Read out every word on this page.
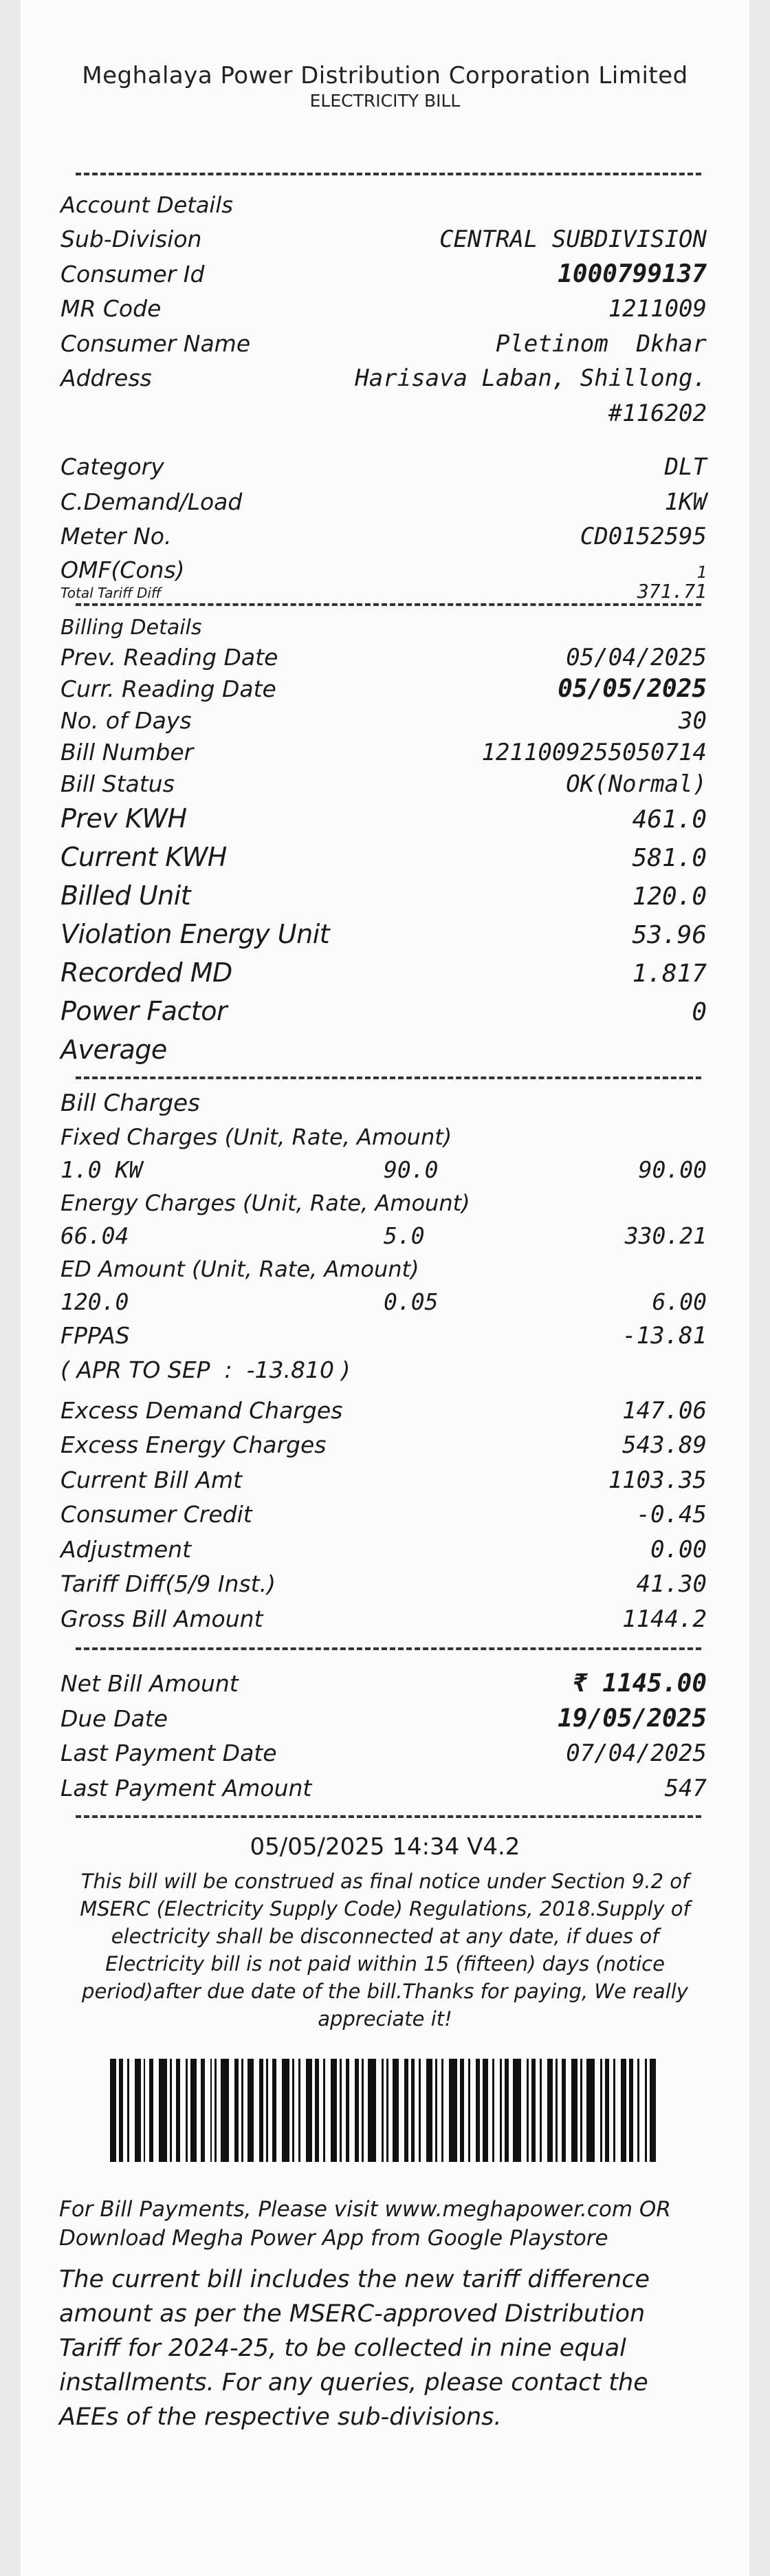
Meghalaya Power Distribution Corporation Limited
ELECTRICITY BILL
Account Details
Sub-Division	CENTRAL SUBDIVISION
Consumer Id	1000799137
MR Code	1211009
Consumer Name	Pletinom  Dkhar
Address	Harisava Laban, Shillong.
#116202
Category	DLT
C.Demand/Load	1KW
Meter No.	CD0152595
OMF(Cons)	1
Total Tariff Diff	371.71
Billing Details
Prev. Reading Date	05/04/2025
Curr. Reading Date	05/05/2025
No. of Days	30
Bill Number	1211009255050714
Bill Status	OK(Normal)
Prev KWH	461.0
Current KWH	581.0
Billed Unit	120.0
Violation Energy Unit	53.96
Recorded MD	1.817
Power Factor	0
Average
Bill Charges
Fixed Charges (Unit, Rate, Amount)
1.0 KW	90.0	90.00
Energy Charges (Unit, Rate, Amount)
66.04	5.0	330.21
ED Amount (Unit, Rate, Amount)
120.0	0.05	6.00
FPPAS	-13.81
( APR TO SEP  :  -13.810 )
Excess Demand Charges	147.06
Excess Energy Charges	543.89
Current Bill Amt	1103.35
Consumer Credit	-0.45
Adjustment	0.00
Tariff Diff(5/9 Inst.)	41.30
Gross Bill Amount	1144.2
Net Bill Amount	₹ 1145.00
Due Date	19/05/2025
Last Payment Date	07/04/2025
Last Payment Amount	547
05/05/2025 14:34 V4.2
This bill will be construed as final notice under Section 9.2 of MSERC (Electricity Supply Code) Regulations, 2018.Supply of electricity shall be disconnected at any date, if dues of Electricity bill is not paid within 15 (fifteen) days (notice period)after due date of the bill.Thanks for paying, We really appreciate it!
For Bill Payments, Please visit www.meghapower.com OR Download Megha Power App from Google Playstore
The current bill includes the new tariff difference amount as per the MSERC-approved Distribution Tariff for 2024-25, to be collected in nine equal installments. For any queries, please contact the AEEs of the respective sub-divisions.
